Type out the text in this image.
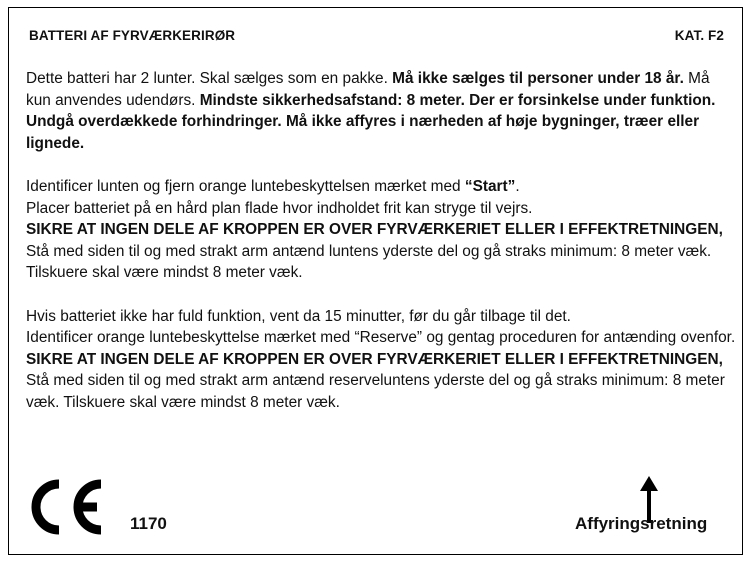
BATTERI AF FYRVÆRKERIRØR	KAT. F2

Dette batteri har 2 lunter. Skal sælges som en pakke. Må ikke sælges til personer under 18 år. Må kun anvendes udendørs. Mindste sikkerhedsafstand: 8 meter. Der er forsinkelse under funktion. Undgå overdækkede forhindringer. Må ikke affyres i nærheden af høje bygninger, træer eller lignede.

Identificer lunten og fjern orange luntebeskyttelsen mærket med “Start”.
Placer batteriet på en hård plan flade hvor indholdet frit kan stryge til vejrs.
SIKRE AT INGEN DELE AF KROPPEN ER OVER FYRVÆRKERIET ELLER I EFFEKTRETNINGEN, Stå med siden til og med strakt arm antænd luntens yderste del og gå straks minimum: 8 meter væk. Tilskuere skal være mindst 8 meter væk.

Hvis batteriet ikke har fuld funktion, vent da 15 minutter, før du går tilbage til det.
Identificer orange luntebeskyttelse mærket med “Reserve” og gentag proceduren for antænding ovenfor. SIKRE AT INGEN DELE AF KROPPEN ER OVER FYRVÆRKERIET ELLER I EFFEKTRETNINGEN, Stå med siden til og med strakt arm antænd reserveluntens yderste del og gå straks minimum: 8 meter væk. Tilskuere skal være mindst 8 meter væk.

1170	Affyringsretning
